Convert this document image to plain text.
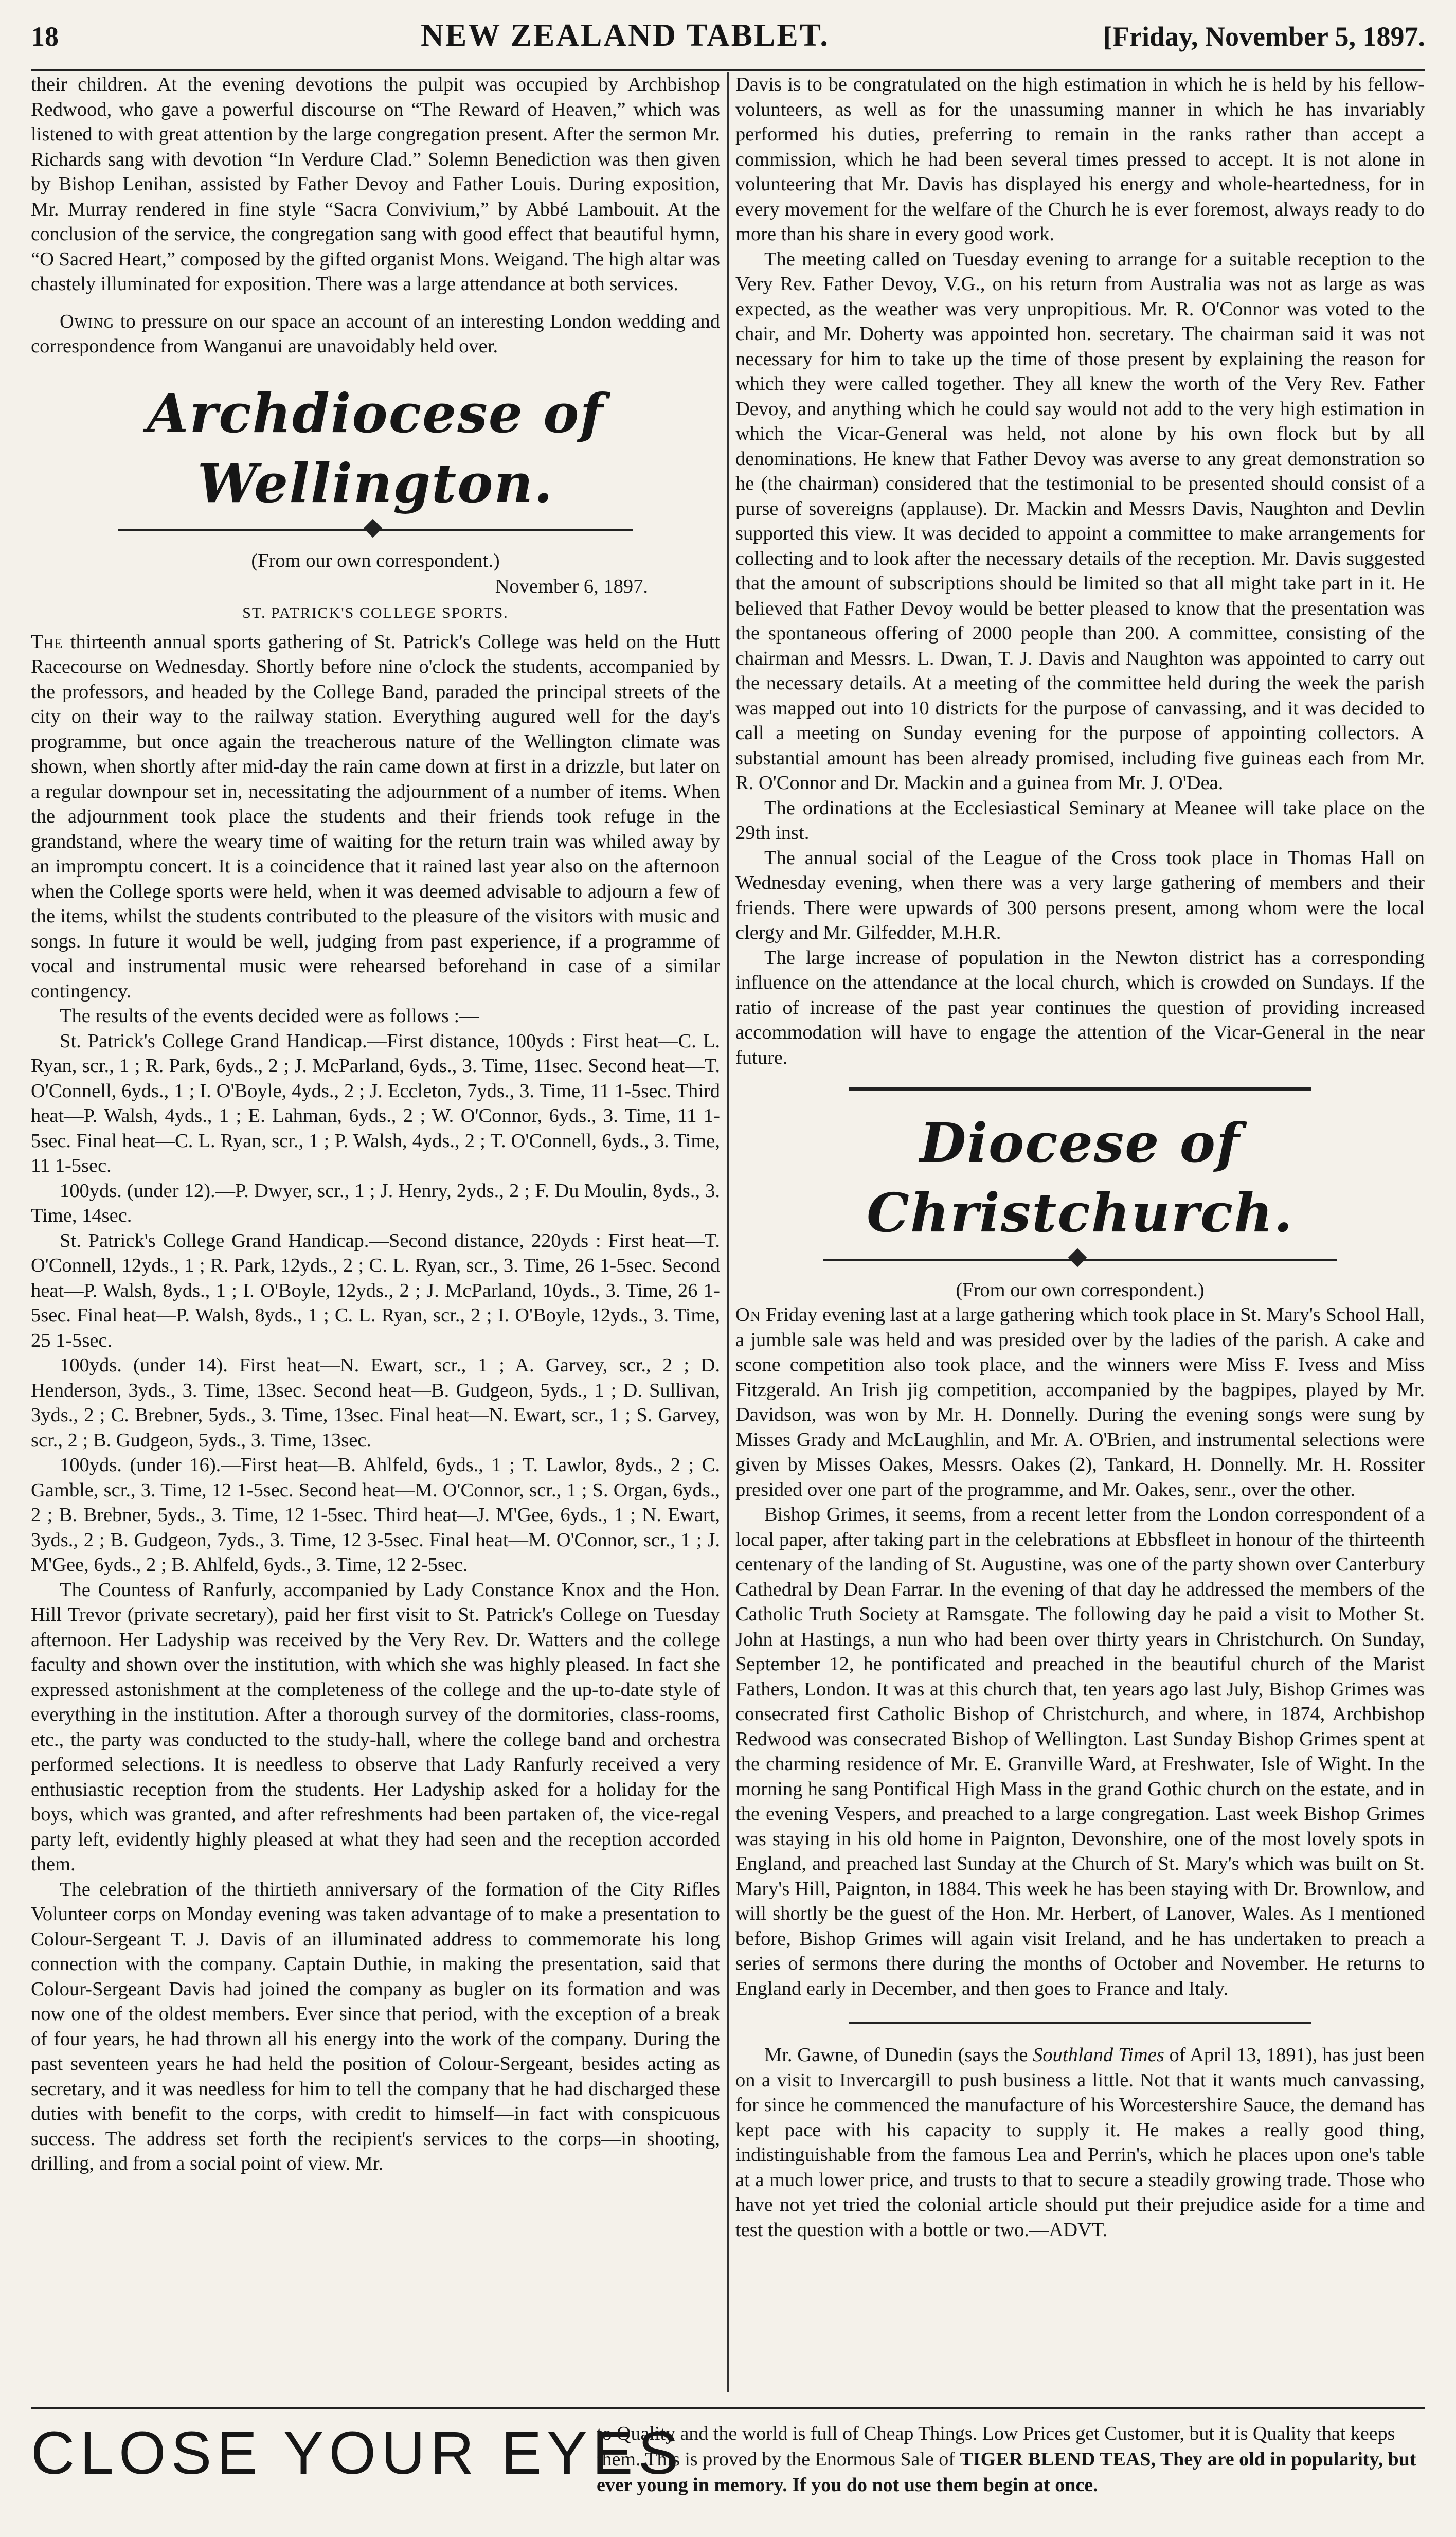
18	NEW ZEALAND TABLET.	[Friday, November 5, 1897.

their children. At the evening devotions the pulpit was occupied by Archbishop Redwood, who gave a powerful discourse on “The Reward of Heaven,” which was listened to with great attention by the large congregation present. After the sermon Mr. Richards sang with devotion “In Verdure Clad.” Solemn Benediction was then given by Bishop Lenihan, assisted by Father Devoy and Father Louis. During exposition, Mr. Murray rendered in fine style “Sacra Convivium,” by Abbé Lambouit. At the conclusion of the service, the congregation sang with good effect that beautiful hymn, “O Sacred Heart,” composed by the gifted organist Mons. Weigand. The high altar was chastely illuminated for exposition. There was a large attendance at both services.

Owing to pressure on our space an account of an interesting London wedding and correspondence from Wanganui are unavoidably held over.

Archdiocese of Wellington.
(From our own correspondent.)
November 6, 1897.
ST. PATRICK'S COLLEGE SPORTS.

The thirteenth annual sports gathering of St. Patrick's College was held on the Hutt Racecourse on Wednesday. Shortly before nine o'clock the students, accompanied by the professors, and headed by the College Band, paraded the principal streets of the city on their way to the railway station. Everything augured well for the day's programme, but once again the treacherous nature of the Wellington climate was shown, when shortly after mid-day the rain came down at first in a drizzle, but later on a regular downpour set in, necessitating the adjournment of a number of items. When the adjournment took place the students and their friends took refuge in the grandstand, where the weary time of waiting for the return train was whiled away by an impromptu concert. It is a coincidence that it rained last year also on the afternoon when the College sports were held, when it was deemed advisable to adjourn a few of the items, whilst the students contributed to the pleasure of the visitors with music and songs. In future it would be well, judging from past experience, if a programme of vocal and instrumental music were rehearsed beforehand in case of a similar contingency.

The results of the events decided were as follows :—

St. Patrick's College Grand Handicap.—First distance, 100yds : First heat—C. L. Ryan, scr., 1 ; R. Park, 6yds., 2 ; J. McParland, 6yds., 3. Time, 11sec. Second heat—T. O'Connell, 6yds., 1 ; I. O'Boyle, 4yds., 2 ; J. Eccleton, 7yds., 3. Time, 11 1-5sec. Third heat—P. Walsh, 4yds., 1 ; E. Lahman, 6yds., 2 ; W. O'Connor, 6yds., 3. Time, 11 1-5sec. Final heat—C. L. Ryan, scr., 1 ; P. Walsh, 4yds., 2 ; T. O'Connell, 6yds., 3. Time, 11 1-5sec.

100yds. (under 12).—P. Dwyer, scr., 1 ; J. Henry, 2yds., 2 ; F. Du Moulin, 8yds., 3. Time, 14sec.

St. Patrick's College Grand Handicap.—Second distance, 220yds : First heat—T. O'Connell, 12yds., 1 ; R. Park, 12yds., 2 ; C. L. Ryan, scr., 3. Time, 26 1-5sec. Second heat—P. Walsh, 8yds., 1 ; I. O'Boyle, 12yds., 2 ; J. McParland, 10yds., 3. Time, 26 1-5sec. Final heat—P. Walsh, 8yds., 1 ; C. L. Ryan, scr., 2 ; I. O'Boyle, 12yds., 3. Time, 25 1-5sec.

100yds. (under 14). First heat—N. Ewart, scr., 1 ; A. Garvey, scr., 2 ; D. Henderson, 3yds., 3. Time, 13sec. Second heat—B. Gudgeon, 5yds., 1 ; D. Sullivan, 3yds., 2 ; C. Brebner, 5yds., 3. Time, 13sec. Final heat—N. Ewart, scr., 1 ; S. Garvey, scr., 2 ; B. Gudgeon, 5yds., 3. Time, 13sec.

100yds. (under 16).—First heat—B. Ahlfeld, 6yds., 1 ; T. Lawlor, 8yds., 2 ; C. Gamble, scr., 3. Time, 12 1-5sec. Second heat—M. O'Connor, scr., 1 ; S. Organ, 6yds., 2 ; B. Brebner, 5yds., 3. Time, 12 1-5sec. Third heat—J. M'Gee, 6yds., 1 ; N. Ewart, 3yds., 2 ; B. Gudgeon, 7yds., 3. Time, 12 3-5sec. Final heat—M. O'Connor, scr., 1 ; J. M'Gee, 6yds., 2 ; B. Ahlfeld, 6yds., 3. Time, 12 2-5sec.

The Countess of Ranfurly, accompanied by Lady Constance Knox and the Hon. Hill Trevor (private secretary), paid her first visit to St. Patrick's College on Tuesday afternoon. Her Ladyship was received by the Very Rev. Dr. Watters and the college faculty and shown over the institution, with which she was highly pleased. In fact she expressed astonishment at the completeness of the college and the up-to-date style of everything in the institution. After a thorough survey of the dormitories, class-rooms, etc., the party was conducted to the study-hall, where the college band and orchestra performed selections. It is needless to observe that Lady Ranfurly received a very enthusiastic reception from the students. Her Ladyship asked for a holiday for the boys, which was granted, and after refreshments had been partaken of, the vice-regal party left, evidently highly pleased at what they had seen and the reception accorded them.

The celebration of the thirtieth anniversary of the formation of the City Rifles Volunteer corps on Monday evening was taken advantage of to make a presentation to Colour-Sergeant T. J. Davis of an illuminated address to commemorate his long connection with the company. Captain Duthie, in making the presentation, said that Colour-Sergeant Davis had joined the company as bugler on its formation and was now one of the oldest members. Ever since that period, with the exception of a break of four years, he had thrown all his energy into the work of the company. During the past seventeen years he had held the position of Colour-Sergeant, besides acting as secretary, and it was needless for him to tell the company that he had discharged these duties with benefit to the corps, with credit to himself—in fact with conspicuous success. The address set forth the recipient's services to the corps—in shooting, drilling, and from a social point of view. Mr.

Davis is to be congratulated on the high estimation in which he is held by his fellow-volunteers, as well as for the unassuming manner in which he has invariably performed his duties, preferring to remain in the ranks rather than accept a commission, which he had been several times pressed to accept. It is not alone in volunteering that Mr. Davis has displayed his energy and whole-heartedness, for in every movement for the welfare of the Church he is ever foremost, always ready to do more than his share in every good work.

The meeting called on Tuesday evening to arrange for a suitable reception to the Very Rev. Father Devoy, V.G., on his return from Australia was not as large as was expected, as the weather was very unpropitious. Mr. R. O'Connor was voted to the chair, and Mr. Doherty was appointed hon. secretary. The chairman said it was not necessary for him to take up the time of those present by explaining the reason for which they were called together. They all knew the worth of the Very Rev. Father Devoy, and anything which he could say would not add to the very high estimation in which the Vicar-General was held, not alone by his own flock but by all denominations. He knew that Father Devoy was averse to any great demonstration so he (the chairman) considered that the testimonial to be presented should consist of a purse of sovereigns (applause). Dr. Mackin and Messrs Davis, Naughton and Devlin supported this view. It was decided to appoint a committee to make arrangements for collecting and to look after the necessary details of the reception. Mr. Davis suggested that the amount of subscriptions should be limited so that all might take part in it. He believed that Father Devoy would be better pleased to know that the presentation was the spontaneous offering of 2000 people than 200. A committee, consisting of the chairman and Messrs. L. Dwan, T. J. Davis and Naughton was appointed to carry out the necessary details. At a meeting of the committee held during the week the parish was mapped out into 10 districts for the purpose of canvassing, and it was decided to call a meeting on Sunday evening for the purpose of appointing collectors. A substantial amount has been already promised, including five guineas each from Mr. R. O'Connor and Dr. Mackin and a guinea from Mr. J. O'Dea.

The ordinations at the Ecclesiastical Seminary at Meanee will take place on the 29th inst.

The annual social of the League of the Cross took place in Thomas Hall on Wednesday evening, when there was a very large gathering of members and their friends. There were upwards of 300 persons present, among whom were the local clergy and Mr. Gilfedder, M.H.R.

The large increase of population in the Newton district has a corresponding influence on the attendance at the local church, which is crowded on Sundays. If the ratio of increase of the past year continues the question of providing increased accommodation will have to engage the attention of the Vicar-General in the near future.

Diocese of Christchurch.
(From our own correspondent.)

On Friday evening last at a large gathering which took place in St. Mary's School Hall, a jumble sale was held and was presided over by the ladies of the parish. A cake and scone competition also took place, and the winners were Miss F. Ivess and Miss Fitzgerald. An Irish jig competition, accompanied by the bagpipes, played by Mr. Davidson, was won by Mr. H. Donnelly. During the evening songs were sung by Misses Grady and McLaughlin, and Mr. A. O'Brien, and instrumental selections were given by Misses Oakes, Messrs. Oakes (2), Tankard, H. Donnelly. Mr. H. Rossiter presided over one part of the programme, and Mr. Oakes, senr., over the other.

Bishop Grimes, it seems, from a recent letter from the London correspondent of a local paper, after taking part in the celebrations at Ebbsfleet in honour of the thirteenth centenary of the landing of St. Augustine, was one of the party shown over Canterbury Cathedral by Dean Farrar. In the evening of that day he addressed the members of the Catholic Truth Society at Ramsgate. The following day he paid a visit to Mother St. John at Hastings, a nun who had been over thirty years in Christchurch. On Sunday, September 12, he pontificated and preached in the beautiful church of the Marist Fathers, London. It was at this church that, ten years ago last July, Bishop Grimes was consecrated first Catholic Bishop of Christchurch, and where, in 1874, Archbishop Redwood was consecrated Bishop of Wellington. Last Sunday Bishop Grimes spent at the charming residence of Mr. E. Granville Ward, at Freshwater, Isle of Wight. In the morning he sang Pontifical High Mass in the grand Gothic church on the estate, and in the evening Vespers, and preached to a large congregation. Last week Bishop Grimes was staying in his old home in Paignton, Devonshire, one of the most lovely spots in England, and preached last Sunday at the Church of St. Mary's which was built on St. Mary's Hill, Paignton, in 1884. This week he has been staying with Dr. Brownlow, and will shortly be the guest of the Hon. Mr. Herbert, of Lanover, Wales. As I mentioned before, Bishop Grimes will again visit Ireland, and he has undertaken to preach a series of sermons there during the months of October and November. He returns to England early in December, and then goes to France and Italy.

Mr. Gawne, of Dunedin (says the Southland Times of April 13, 1891), has just been on a visit to Invercargill to push business a little. Not that it wants much canvassing, for since he commenced the manufacture of his Worcestershire Sauce, the demand has kept pace with his capacity to supply it. He makes a really good thing, indistinguishable from the famous Lea and Perrin's, which he places upon one's table at a much lower price, and trusts to that to secure a steadily growing trade. Those who have not yet tried the colonial article should put their prejudice aside for a time and test the question with a bottle or two.—ADVT.

CLOSE YOUR EYES
to Quality and the world is full of Cheap Things. Low Prices get Customer, but it is Quality that keeps them. This is proved by the Enormous Sale of TIGER BLEND TEAS, They are old in popularity, but ever young in memory. If you do not use them begin at once.
